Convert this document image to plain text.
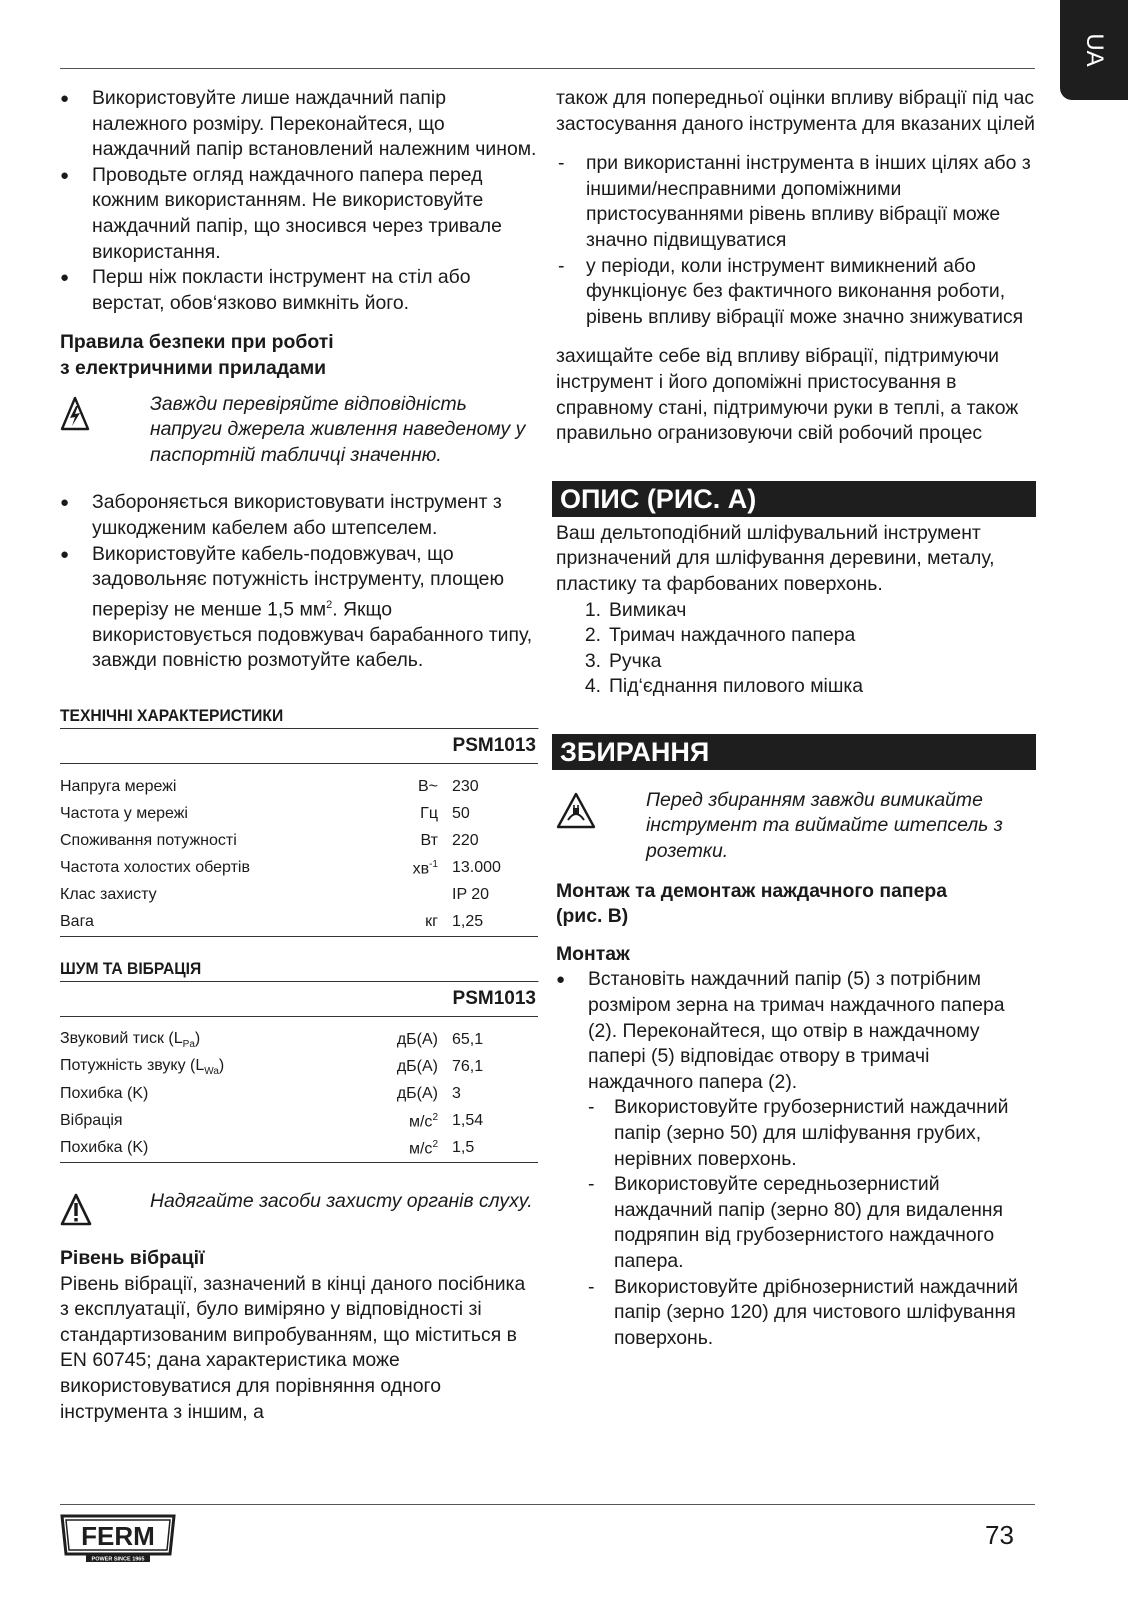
UA
● Використовуйте лише наждачний папір належного розміру. Переконайтеся, що наждачний папір встановлений належним чином.
● Проводьте огляд наждачного папера перед кожним використанням. Не використовуйте наждачний папір, що зносився через тривале використання.
● Перш ніж покласти інструмент на стіл або верстат, обов‘язково вимкніть його.
Правила безпеки при роботі
з електричними приладами
Завжди перевіряйте відповідність напруги джерела живлення наведеному у паспортній табличці значенню.
● Забороняється використовувати інструмент з ушкодженим кабелем або штепселем.
● Використовуйте кабель-подовжувач, що задовольняє потужність інструменту, площею перерізу не менше 1,5 $мм^2$. Якщо використовується подовжувач барабанного типу, завжди повністю розмотуйте кабель.
ТЕХНІЧНІ ХАРАКТЕРИСТИКИ
		PSM1013
Напруга мережі	В~	230
Частота у мережі	Гц	50
Споживання потужності	Вт	220
Частота холостих обертів	$хв^{-1}$	13.000
Клас захисту		IP 20
Вага	кг	1,25
ШУМ ТА ВІБРАЦІЯ
		PSM1013
Звуковий тиск $(L_{Pa})$	дБ(A)	65,1
Потужність звуку $(L_{Wa})$	дБ(A)	76,1
Похибка (K)	дБ(A)	3
Вібрація	$м/с^2$	1,54
Похибка (K)	$м/с^2$	1,5
Надягайте засоби захисту органів слуху.
Рівень вібрації

Рівень вібрації, зазначений в кінці даного посібника з експлуатації, було виміряно у відповідності зі стандартизованим випробуванням, що міститься в EN 60745; дана характеристика може використовуватися для порівняння одного інструмента з іншим, а

також для попередньої оцінки впливу вібрації під час застосування даного інструмента для вказаних цілей

- при використанні інструмента в інших цілях або з іншими/несправними допоміжними пристосуваннями рівень впливу вібрації може значно підвищуватися
- у періоди, коли інструмент вимикнений або функціонує без фактичного виконання роботи, рівень впливу вібрації може значно знижуватися

захищайте себе від впливу вібрації, підтримуючи інструмент і його допоміжні пристосування в справному стані, підтримуючи руки в теплі, а також правильно огранизовуючи свій робочий процес

ОПИС (РИС. A)

Ваш дельтоподібний шліфувальний інструмент призначений для шліфування деревини, металу, пластику та фарбованих поверхонь.

1. Вимикач
2. Тримач наждачного папера
3. Ручка
4. Під‘єднання пилового мішка
ЗБИРАННЯ
Перед збиранням завжди вимикайте інструмент та виймайте штепсель з розетки.
Монтаж та демонтаж наждачного папера
(рис. B)
Монтаж
● Встановіть наждачний папір (5) з потрібним розміром зерна на тримач наждачного папера (2). Переконайтеся, що отвір в наждачному папері (5) відповідає отвору в тримачі наждачного папера (2).
- Використовуйте грубозернистий наждачний папір (зерно 50) для шліфування грубих, нерівних поверхонь.
- Використовуйте середньозернистий наждачний папір (зерно 80) для видалення подряпин від грубозернистого наждачного папера.
- Використовуйте дрібнозернистий наждачний папір (зерно 120) для чистового шліфування поверхонь.
FERM
POWER SINCE 1965
73
